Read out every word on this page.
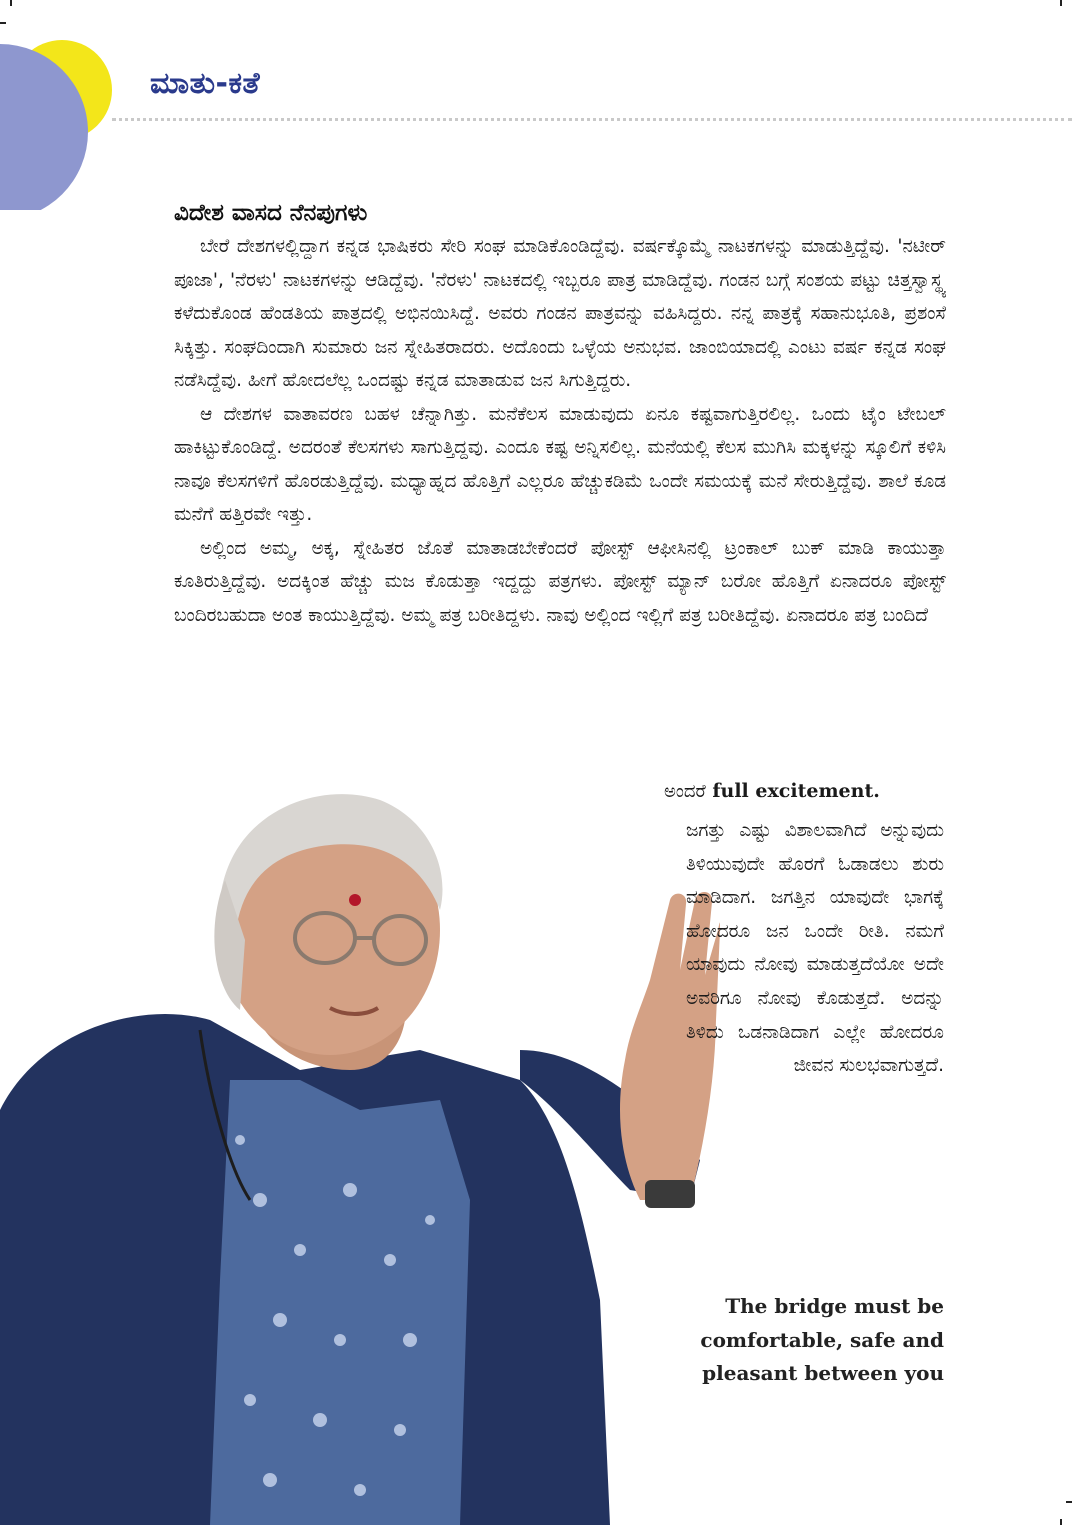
ಮಾತು-ಕತೆ
ವಿದೇಶ ವಾಸದ ನೆನಪುಗಳು

ಬೇರೆ ದೇಶಗಳಲ್ಲಿದ್ದಾಗ ಕನ್ನಡ ಭಾಷಿಕರು ಸೇರಿ ಸಂಘ ಮಾಡಿಕೊಂಡಿದ್ದೆವು. ವರ್ಷಕ್ಕೊಮ್ಮೆ ನಾಟಕಗಳನ್ನು ಮಾಡುತ್ತಿದ್ದೆವು. 'ನಟೀರ್ ಪೂಜಾ', 'ನೆರಳು' ನಾಟಕಗಳನ್ನು ಆಡಿದ್ದೆವು. 'ನೆರಳು' ನಾಟಕದಲ್ಲಿ ಇಬ್ಬರೂ ಪಾತ್ರ ಮಾಡಿದ್ದೆವು. ಗಂಡನ ಬಗ್ಗೆ ಸಂಶಯ ಪಟ್ಟು ಚಿತ್ತಸ್ವಾಸ್ಥ್ಯ ಕಳೆದುಕೊಂಡ ಹೆಂಡತಿಯ ಪಾತ್ರದಲ್ಲಿ ಅಭಿನಯಿಸಿದ್ದೆ. ಅವರು ಗಂಡನ ಪಾತ್ರವನ್ನು ವಹಿಸಿದ್ದರು. ನನ್ನ ಪಾತ್ರಕ್ಕೆ ಸಹಾನುಭೂತಿ, ಪ್ರಶಂಸೆ ಸಿಕ್ಕಿತ್ತು. ಸಂಘದಿಂದಾಗಿ ಸುಮಾರು ಜನ ಸ್ನೇಹಿತರಾದರು. ಅದೊಂದು ಒಳ್ಳೆಯ ಅನುಭವ. ಜಾಂಬಿಯಾದಲ್ಲಿ ಎಂಟು ವರ್ಷ ಕನ್ನಡ ಸಂಘ ನಡೆಸಿದ್ದೆವು. ಹೀಗೆ ಹೋದಲೆಲ್ಲ ಒಂದಷ್ಟು ಕನ್ನಡ ಮಾತಾಡುವ ಜನ ಸಿಗುತ್ತಿದ್ದರು.

ಆ ದೇಶಗಳ ವಾತಾವರಣ ಬಹಳ ಚೆನ್ನಾಗಿತ್ತು. ಮನೆಕೆಲಸ ಮಾಡುವುದು ಏನೂ ಕಷ್ಟವಾಗುತ್ತಿರಲಿಲ್ಲ. ಒಂದು ಟೈಂ ಟೇಬಲ್ ಹಾಕಿಟ್ಟುಕೊಂಡಿದ್ದೆ. ಅದರಂತೆ ಕೆಲಸಗಳು ಸಾಗುತ್ತಿದ್ದವು. ಎಂದೂ ಕಷ್ಟ ಅನ್ನಿಸಲಿಲ್ಲ. ಮನೆಯಲ್ಲಿ ಕೆಲಸ ಮುಗಿಸಿ ಮಕ್ಕಳನ್ನು ಸ್ಕೂಲಿಗೆ ಕಳಿಸಿ ನಾವೂ ಕೆಲಸಗಳಿಗೆ ಹೊರಡುತ್ತಿದ್ದೆವು. ಮಧ್ಯಾಹ್ನದ ಹೊತ್ತಿಗೆ ಎಲ್ಲರೂ ಹೆಚ್ಚುಕಡಿಮೆ ಒಂದೇ ಸಮಯಕ್ಕೆ ಮನೆ ಸೇರುತ್ತಿದ್ದೆವು. ಶಾಲೆ ಕೂಡ ಮನೆಗೆ ಹತ್ತಿರವೇ ಇತ್ತು.

ಅಲ್ಲಿಂದ ಅಮ್ಮ, ಅಕ್ಕ, ಸ್ನೇಹಿತರ ಜೊತೆ ಮಾತಾಡಬೇಕೆಂದರೆ ಪೋಸ್ಟ್ ಆಫೀಸಿನಲ್ಲಿ ಟ್ರಂಕಾಲ್ ಬುಕ್ ಮಾಡಿ ಕಾಯುತ್ತಾ ಕೂತಿರುತ್ತಿದ್ದೆವು. ಅದಕ್ಕಿಂತ ಹೆಚ್ಚು ಮಜ ಕೊಡುತ್ತಾ ಇದ್ದದ್ದು ಪತ್ರಗಳು. ಪೋಸ್ಟ್ ಮ್ಯಾನ್ ಬರೋ ಹೊತ್ತಿಗೆ ಏನಾದರೂ ಪೋಸ್ಟ್ ಬಂದಿರಬಹುದಾ ಅಂತ ಕಾಯುತ್ತಿದ್ದೆವು. ಅಮ್ಮ ಪತ್ರ ಬರೀತಿದ್ದಳು. ನಾವು ಅಲ್ಲಿಂದ ಇಲ್ಲಿಗೆ ಪತ್ರ ಬರೀತಿದ್ದೆವು. ಏನಾದರೂ ಪತ್ರ ಬಂದಿದೆ

ಅಂದರೆ full excitement.
ಜಗತ್ತು ಎಷ್ಟು ವಿಶಾಲವಾಗಿದೆ ಅನ್ನುವುದು ತಿಳಿಯುವುದೇ ಹೊರಗೆ ಓಡಾಡಲು ಶುರು ಮಾಡಿದಾಗ. ಜಗತ್ತಿನ ಯಾವುದೇ ಭಾಗಕ್ಕೆ ಹೋದರೂ ಜನ ಒಂದೇ ರೀತಿ. ನಮಗೆ ಯಾವುದು ನೋವು ಮಾಡುತ್ತದೆಯೋ ಅದೇ ಅವರಿಗೂ ನೋವು ಕೊಡುತ್ತದೆ. ಅದನ್ನು ತಿಳಿದು ಒಡನಾಡಿದಾಗ ಎಲ್ಲೇ ಹೋದರೂ ಜೀವನ ಸುಲಭವಾಗುತ್ತದೆ.
The bridge must be comfortable, safe and pleasant between you
